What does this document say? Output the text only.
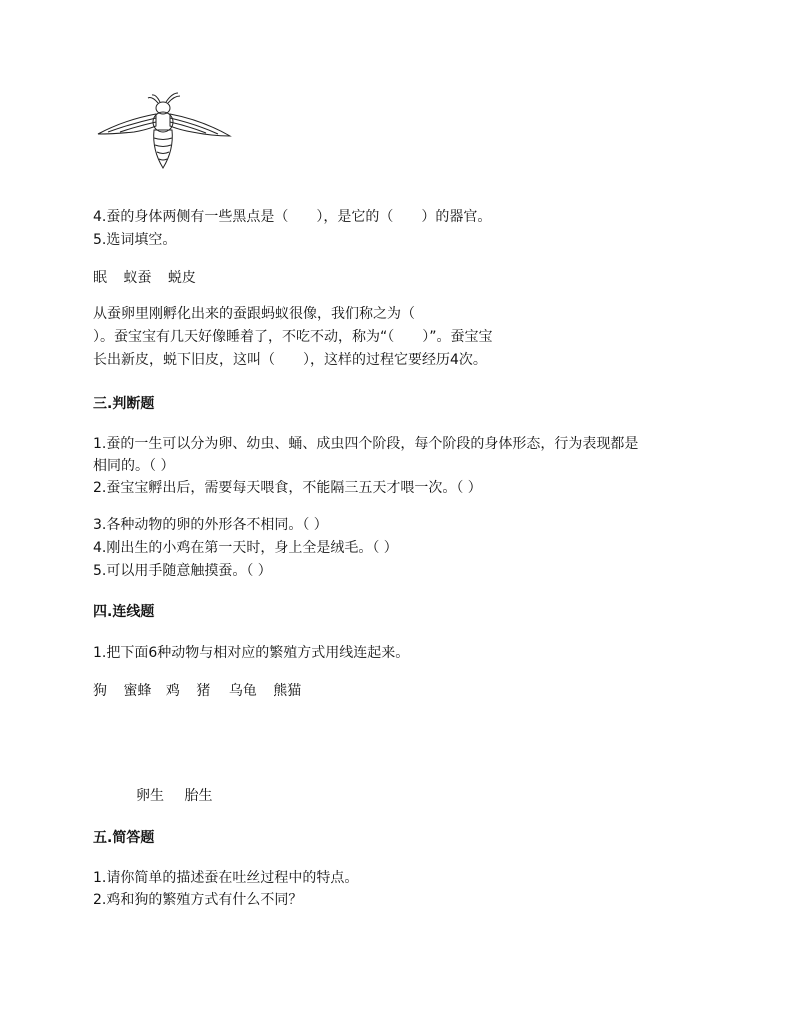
4.蚕的身体两侧有一些黑点是（　　），是它的（　　）的器官。
5.选词填空。
眠 蚁蚕 蜕皮
从蚕卵里刚孵化出来的蚕跟蚂蚁很像，我们称之为（
）。蚕宝宝有几天好像睡着了，不吃不动，称为“（　　）”。蚕宝宝
长出新皮，蜕下旧皮，这叫（　　），这样的过程它要经历4次。
三.判断题
1.蚕的一生可以分为卵、幼虫、蛹、成虫四个阶段，每个阶段的身体形态，行为表现都是
相同的。（ ）
2.蚕宝宝孵出后，需要每天喂食，不能隔三五天才喂一次。（ ）
3.各种动物的卵的外形各不相同。（ ）
4.刚出生的小鸡在第一天时，身上全是绒毛。（ ）
5.可以用手随意触摸蚕。（ ）
四.连线题
1.把下面6种动物与相对应的繁殖方式用线连起来。
狗 蜜蜂 鸡 猪 乌龟 熊猫
卵生 胎生
五.简答题
1.请你简单的描述蚕在吐丝过程中的特点。
2.鸡和狗的繁殖方式有什么不同？
